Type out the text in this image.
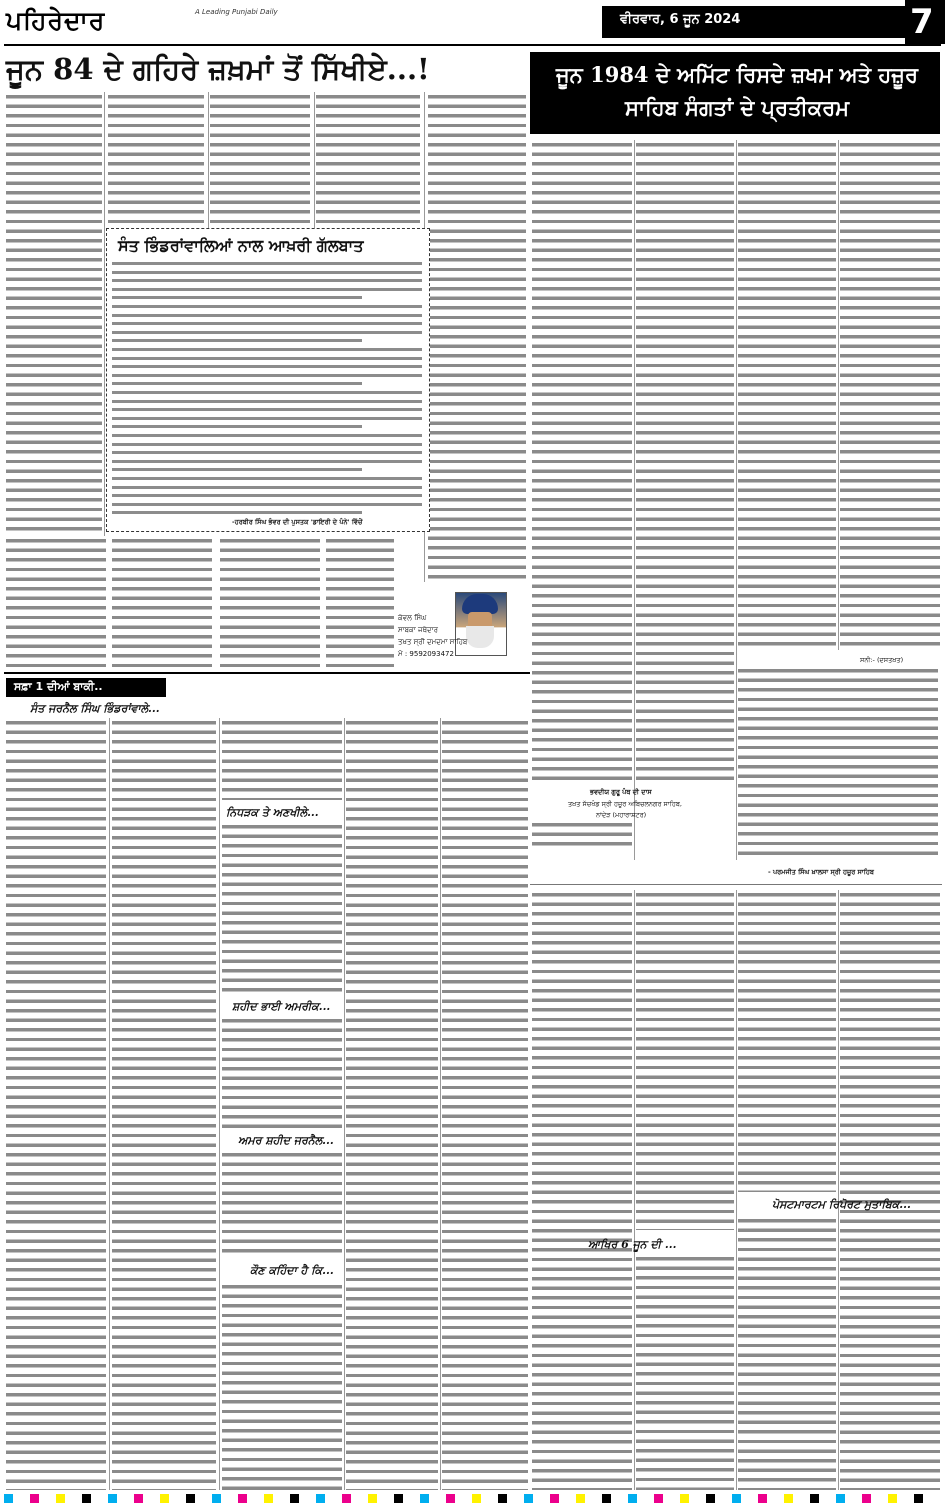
ਪਹਿਰੇਦਾਰ	A Leading Punjabi Daily	ਵੀਰਵਾਰ, 6 ਜੂਨ 2024	7
ਜੂਨ 84 ਦੇ ਗਹਿਰੇ ਜ਼ਖ਼ਮਾਂ ਤੋਂ ਸਿੱਖੀਏ...!	ਜੂਨ 1984 ਦੇ ਅਮਿੱਟ ਰਿਸਦੇ ਜ਼ਖਮ ਅਤੇ ਹਜ਼ੂਰ ਸਾਹਿਬ ਸੰਗਤਾਂ ਦੇ ਪ੍ਰਤੀਕਰਮ
ਸੰਤ ਭਿੰਡਰਾਂਵਾਲਿਆਂ ਨਾਲ ਆਖ਼ਰੀ ਗੱਲਬਾਤ
-ਹਰਬੀਰ ਸਿੰਘ ਭੰਵਰ ਦੀ ਪੁਸਤਕ 'ਡਾਇਰੀ ਦੇ ਪੰਨੇ' ਵਿੱਚੋਂ
ਕੇਵਲ ਸਿੰਘ
ਸਾਬਕਾ ਜਥੇਦਾਰ
ਤਖ਼ਤ ਸ੍ਰੀ ਦਮਦਮਾ ਸਾਹਿਬ
ਮੋ : 9592093472
ਸਫ਼ਾ 1 ਦੀਆਂ ਬਾਕੀ..
ਸੰਤ ਜਰਨੈਲ ਸਿੰਘ ਭਿੰਡਰਾਂਵਾਲੇ...
ਨਿਧੜਕ ਤੇ ਅਣਖੀਲੇ...
ਸ਼ਹੀਦ ਭਾਈ ਅਮਰੀਕ...
ਅਮਰ ਸ਼ਹੀਦ ਜਰਨੈਲ...
ਕੌਣ ਕਹਿੰਦਾ ਹੈ ਕਿ...
ਆਖਿਰ 6 ਜੂਨ ਦੀ ...
ਪੋਸਟਮਾਰਟਮ ਰਿਪੋਰਟ ਮੁਤਾਬਿਕ...
ਭਵਦੀਯ ਗੁਰੂ ਪੰਥ ਦੀ ਦਾਸ
ਤਖ਼ਤ ਸੱਚਖੰਡ ਸ੍ਰੀ ਹਜ਼ੂਰ ਅਬਿਚਲਨਗਰ ਸਾਹਿਬ,
ਨਾਂਦੇੜ (ਮਹਾਰਾਸ਼ਟਰ)
ਸਨੀ:- (ਦਸਤਖ਼ਤ)
- ਪਰਮਜੀਤ ਸਿੰਘ ਖ਼ਾਲਸਾ ਸ੍ਰੀ ਹਜ਼ੂਰ ਸਾਹਿਬ
